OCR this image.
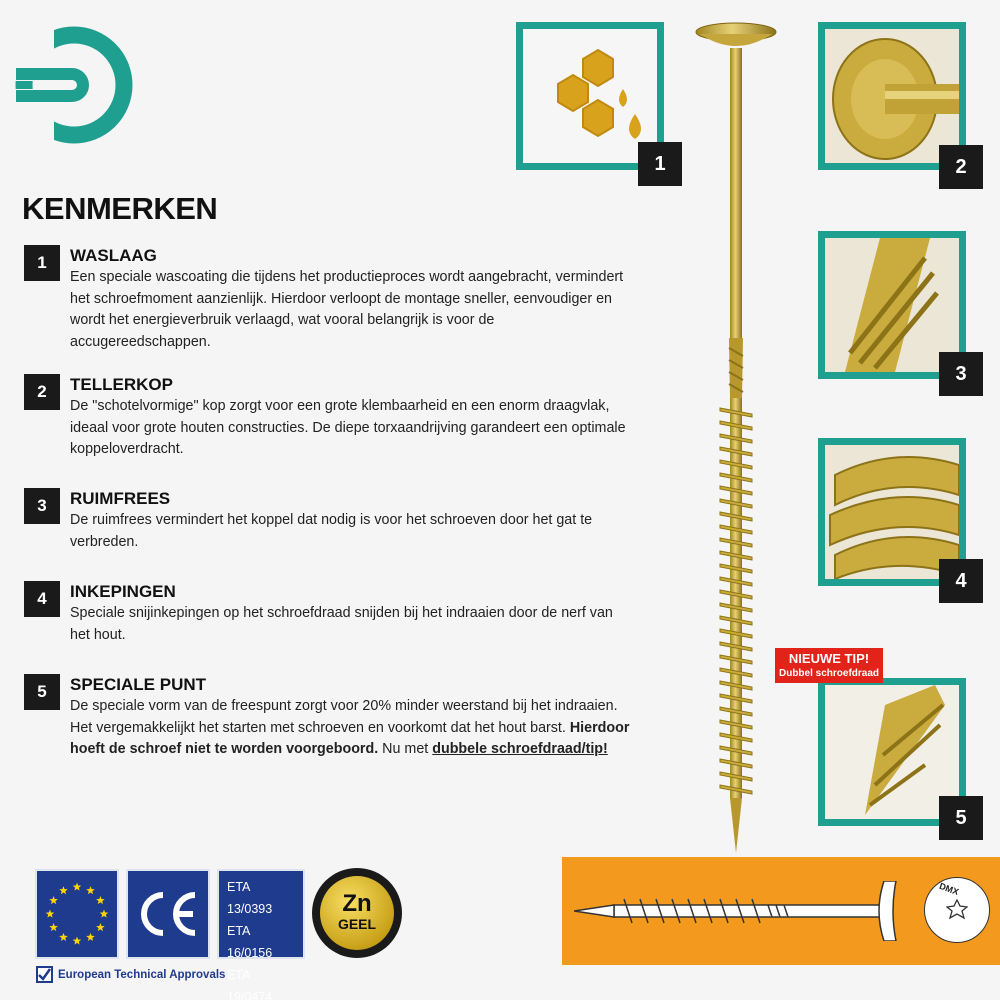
KENMERKEN
1	WASLAAG
Een speciale wascoating die tijdens het productieproces wordt aangebracht, vermindert het schroefmoment aanzienlijk. Hierdoor verloopt de montage sneller, eenvoudiger en wordt het energieverbruik verlaagd, wat vooral belangrijk is voor de accugereedschappen.
2	TELLERKOP
De "schotelvormige" kop zorgt voor een grote klembaarheid en een enorm draagvlak, ideaal voor grote houten constructies. De diepe torxaandrijving garandeert een optimale koppeloverdracht.
3	RUIMFREES
De ruimfrees vermindert het koppel dat nodig is voor het schroeven door het gat te verbreden.
4	INKEPINGEN
Speciale snijinkepingen op het schroefdraad snijden bij het indraaien door de nerf van het hout.
5	SPECIALE PUNT
De speciale vorm van de freespunt zorgt voor 20% minder weerstand bij het indraaien. Het vergemakkelijkt het starten met schroeven en voorkomt dat het hout barst. Hierdoor hoeft de schroef niet te worden voorgeboord. Nu met dubbele schroefdraad/tip!
1	2
3
4
5
NIEUWE TIP!
Dubbel schroefdraad
DMX
ETA 13/0393
ETA 16/0156
ETA 19/0474
Zn
GEEL
European Technical Approvals
